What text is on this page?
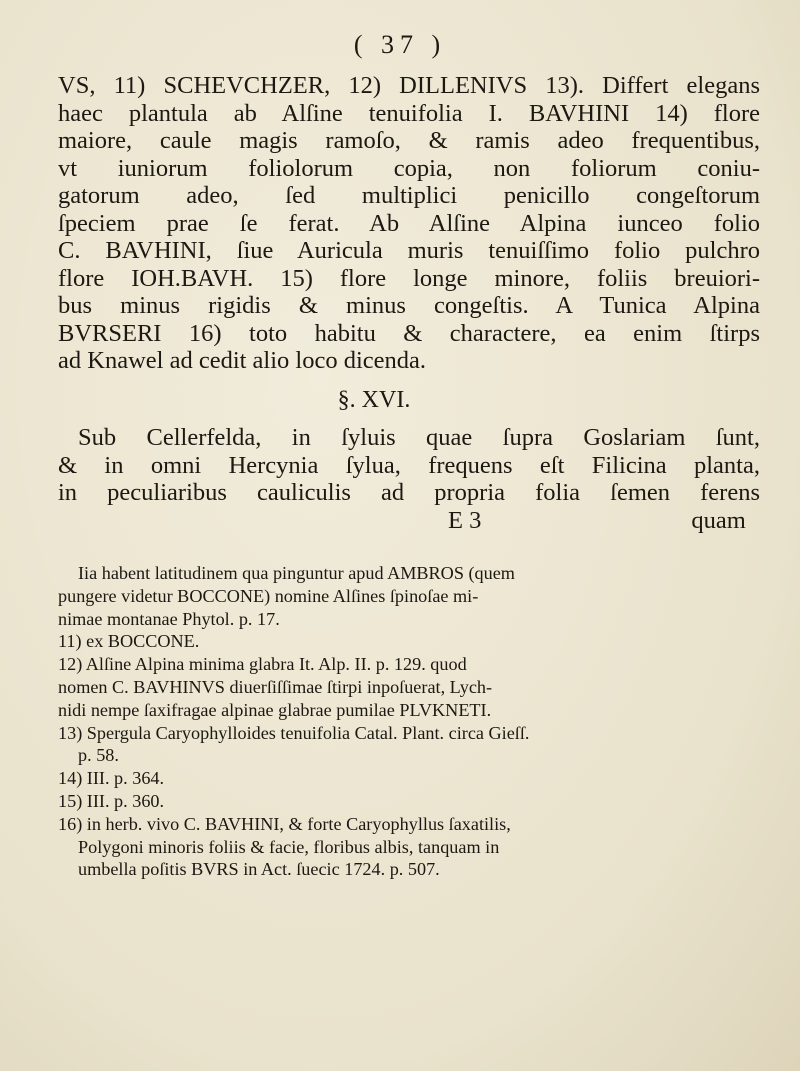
( 37 )
VS, 11) SCHEVCHZER, 12) DILLENIVS 13). Differt elegans
haec plantula ab Alſine tenuifolia I. BAVHINI 14) flore
maiore, caule magis ramoſo, & ramis adeo frequentibus,
vt iuniorum foliolorum copia, non foliorum coniu-
gatorum adeo, ſed multiplici penicillo congeſtorum
ſpeciem prae ſe ferat. Ab Alſine Alpina iunceo folio
C. BAVHINI, ſiue Auricula muris tenuiſſimo folio pulchro
flore IOH.BAVH. 15) flore longe minore, foliis breuiori-
bus minus rigidis & minus congeſtis. A Tunica Alpina
BVRSERI 16) toto habitu & charactere, ea enim ſtirps
ad Knawel ad cedit alio loco dicenda.
§. XVI.
Sub Cellerfelda, in ſyluis quae ſupra Goslariam ſunt,
& in omni Hercynia ſylua, frequens eſt Filicina planta,
in peculiaribus cauliculis ad propria folia ſemen ferens
E 3	quam
Iia habent latitudinem qua pinguntur apud AMBROS (quem
pungere videtur BOCCONE) nomine Alſines ſpinoſae mi-
nimae montanae Phytol. p. 17.
11) ex BOCCONE.
12) Alſine Alpina minima glabra It. Alp. II. p. 129. quod
nomen C. BAVHINVS diuerſiſſimae ſtirpi inpoſuerat, Lych-
nidi nempe ſaxifragae alpinae glabrae pumilae PLVKNETI.
13) Spergula Caryophylloides tenuifolia Catal. Plant. circa Gieſſ.
p. 58.
14) III. p. 364.
15) III. p. 360.
16) in herb. vivo C. BAVHINI, & forte Caryophyllus ſaxatilis,
Polygoni minoris foliis & facie, floribus albis, tanquam in
umbella poſitis BVRS in Act. ſuecic 1724. p. 507.
